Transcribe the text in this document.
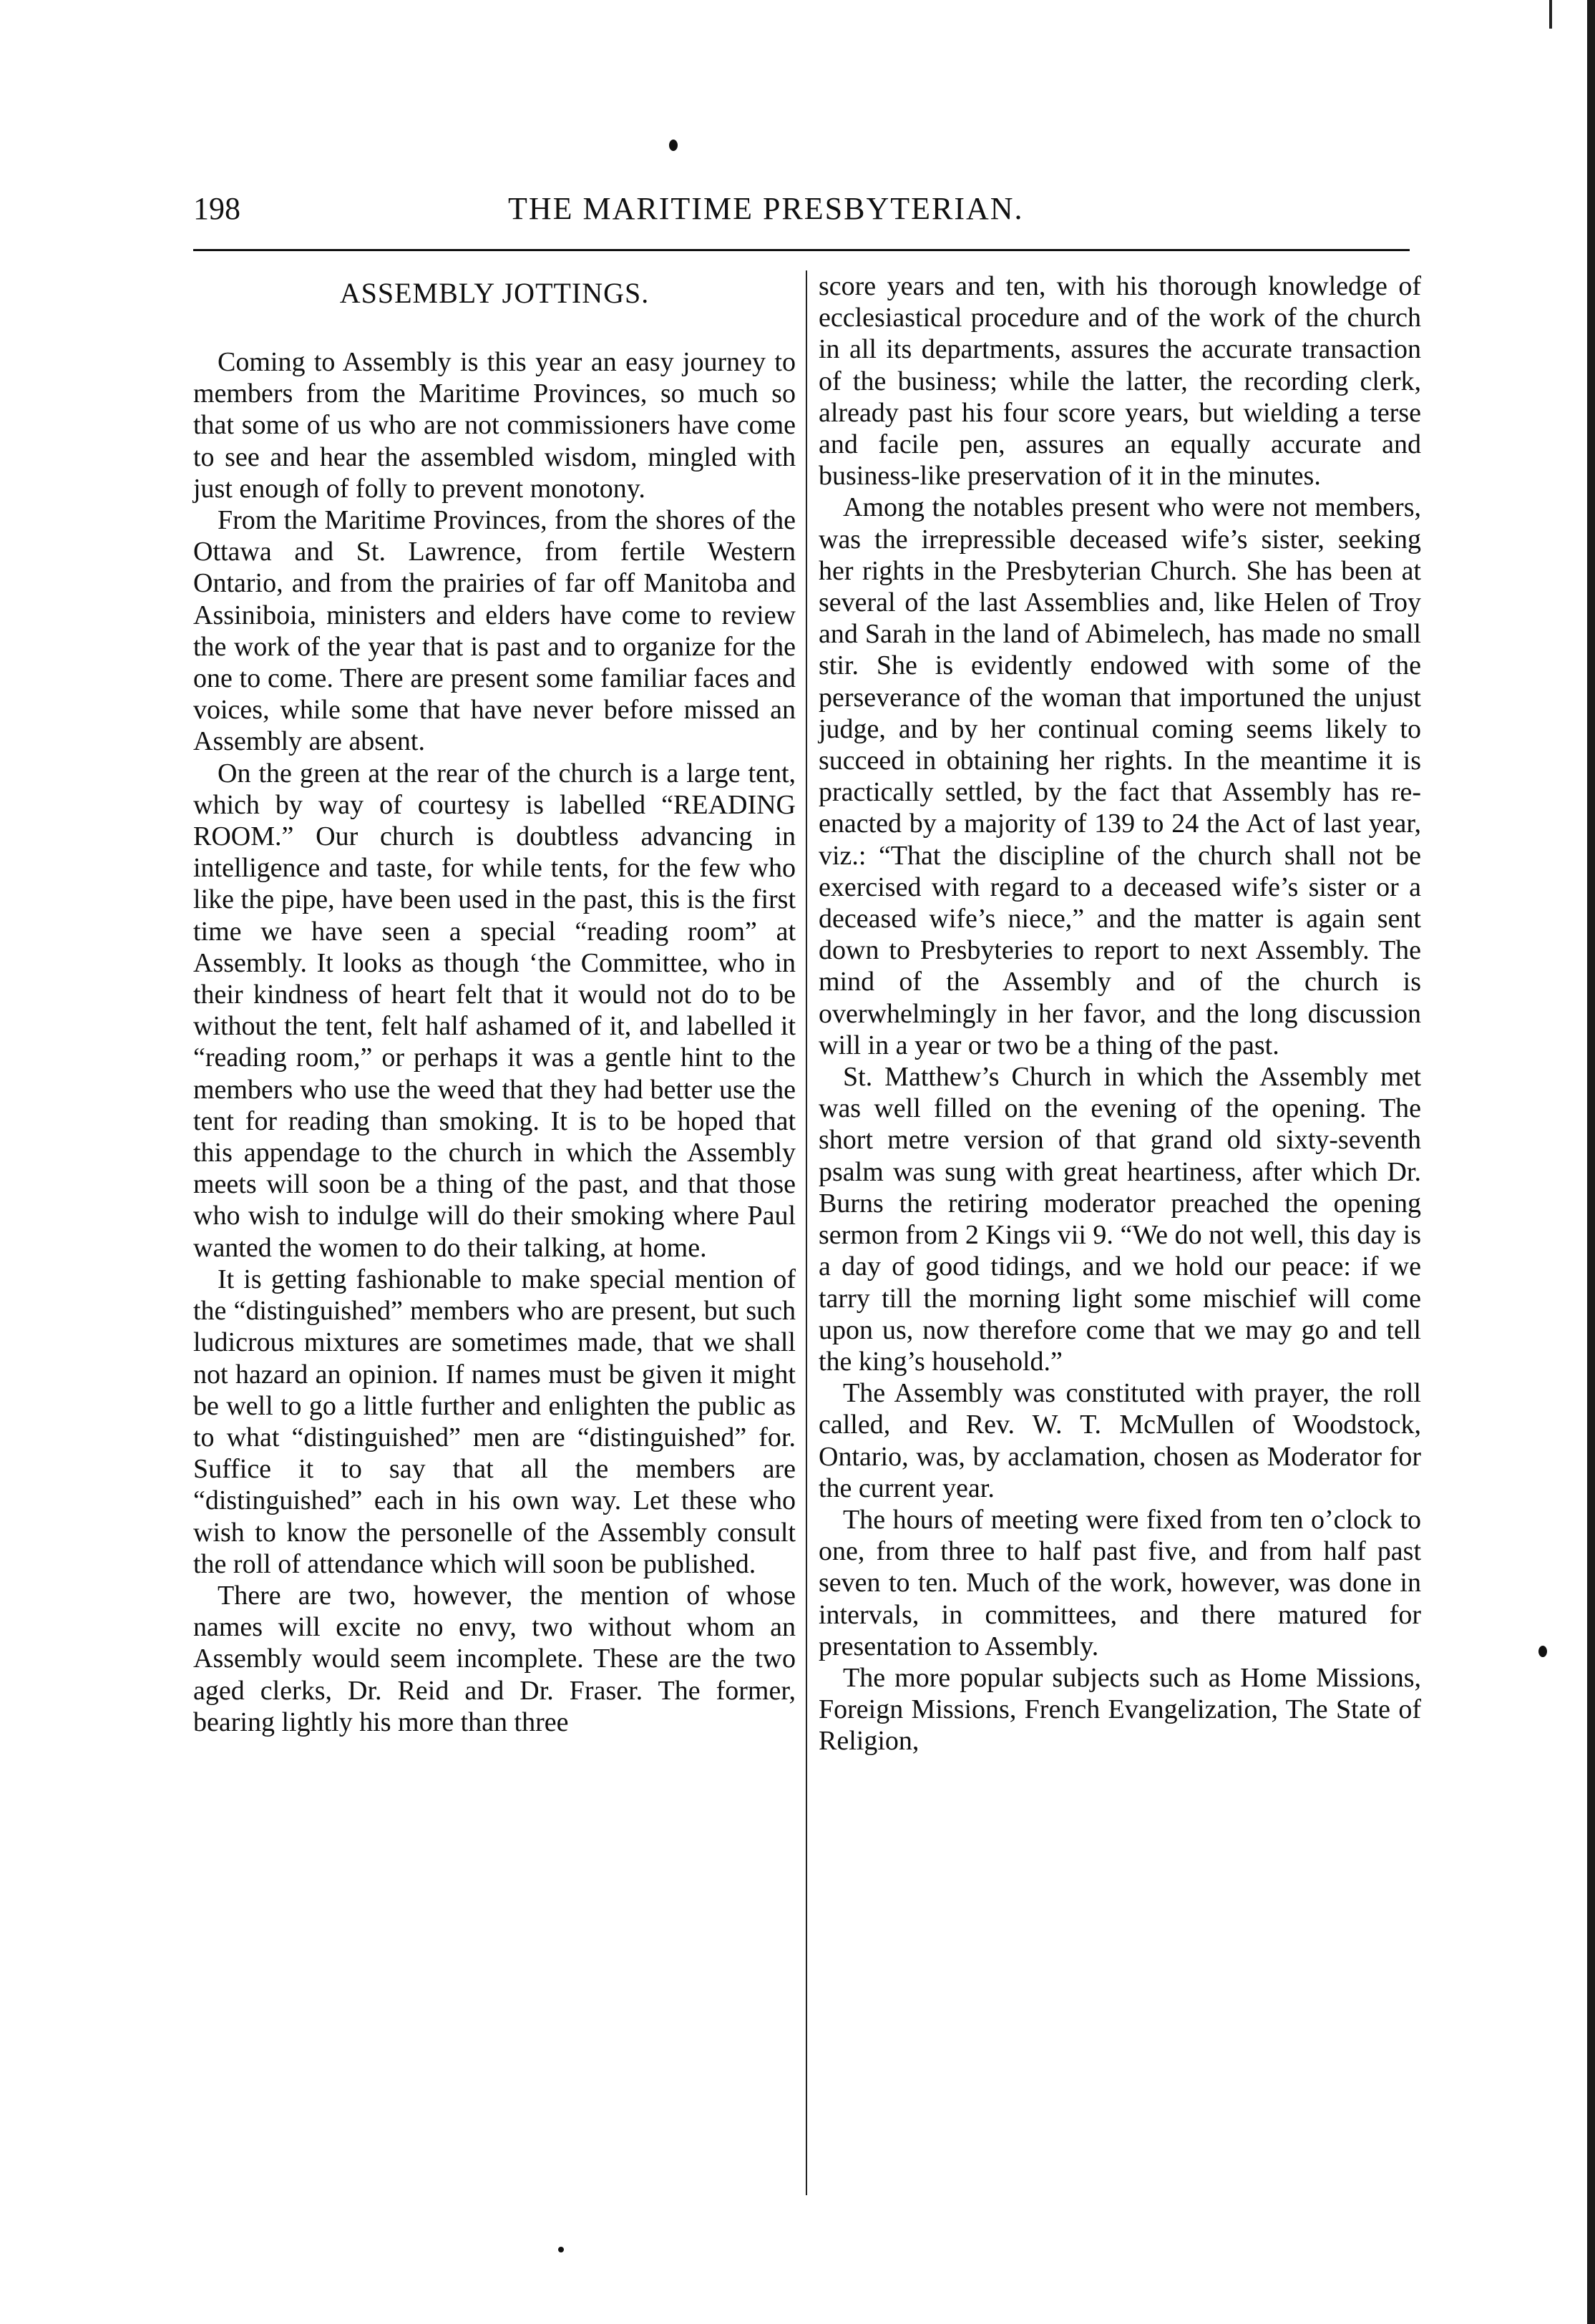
198	THE MARITIME PRESBYTERIAN.
ASSEMBLY JOTTINGS.

Coming to Assembly is this year an easy journey to members from the Maritime Provinces, so much so that some of us who are not commissioners have come to see and hear the assembled wisdom, mingled with just enough of folly to prevent monotony.

From the Maritime Provinces, from the shores of the Ottawa and St. Lawrence, from fertile Western Ontario, and from the prairies of far off Manitoba and Assiniboia, ministers and elders have come to review the work of the year that is past and to organize for the one to come. There are present some familiar faces and voices, while some that have never before missed an Assembly are absent.

On the green at the rear of the church is a large tent, which by way of courtesy is labelled “READING ROOM.” Our church is doubtless advancing in intelligence and taste, for while tents, for the few who like the pipe, have been used in the past, this is the first time we have seen a special “reading room” at Assembly. It looks as though ‘the Committee, who in their kindness of heart felt that it would not do to be without the tent, felt half ashamed of it, and labelled it “reading room,” or perhaps it was a gentle hint to the members who use the weed that they had better use the tent for reading than smoking. It is to be hoped that this appendage to the church in which the Assembly meets will soon be a thing of the past, and that those who wish to indulge will do their smoking where Paul wanted the women to do their talking, at home.

It is getting fashionable to make special mention of the “distinguished” members who are present, but such ludicrous mixtures are sometimes made, that we shall not hazard an opinion. If names must be given it might be well to go a little further and enlighten the public as to what “distinguished” men are “distinguished” for. Suffice it to say that all the members are “distinguished” each in his own way. Let these who wish to know the personelle of the Assembly consult the roll of attendance which will soon be published.

There are two, however, the mention of whose names will excite no envy, two without whom an Assembly would seem incomplete. These are the two aged clerks, Dr. Reid and Dr. Fraser. The former, bearing lightly his more than three

score years and ten, with his thorough knowledge of ecclesiastical procedure and of the work of the church in all its departments, assures the accurate transaction of the business; while the latter, the recording clerk, already past his four score years, but wielding a terse and facile pen, assures an equally accurate and business-like preservation of it in the minutes.

Among the notables present who were not members, was the irrepressible deceased wife’s sister, seeking her rights in the Presbyterian Church. She has been at several of the last Assemblies and, like Helen of Troy and Sarah in the land of Abimelech, has made no small stir. She is evidently endowed with some of the perseverance of the woman that importuned the unjust judge, and by her continual coming seems likely to succeed in obtaining her rights. In the meantime it is practically settled, by the fact that Assembly has re-enacted by a majority of 139 to 24 the Act of last year, viz.: “That the discipline of the church shall not be exercised with regard to a deceased wife’s sister or a deceased wife’s niece,” and the matter is again sent down to Presbyteries to report to next Assembly. The mind of the Assembly and of the church is overwhelmingly in her favor, and the long discussion will in a year or two be a thing of the past.

St. Matthew’s Church in which the Assembly met was well filled on the evening of the opening. The short metre version of that grand old sixty-seventh psalm was sung with great heartiness, after which Dr. Burns the retiring moderator preached the opening sermon from 2 Kings vii 9. “We do not well, this day is a day of good tidings, and we hold our peace: if we tarry till the morning light some mischief will come upon us, now therefore come that we may go and tell the king’s household.”

The Assembly was constituted with prayer, the roll called, and Rev. W. T. McMullen of Woodstock, Ontario, was, by acclamation, chosen as Moderator for the current year.

The hours of meeting were fixed from ten o’clock to one, from three to half past five, and from half past seven to ten. Much of the work, however, was done in intervals, in committees, and there matured for presentation to Assembly.

The more popular subjects such as Home Missions, Foreign Missions, French Evangelization, The State of Religion,
